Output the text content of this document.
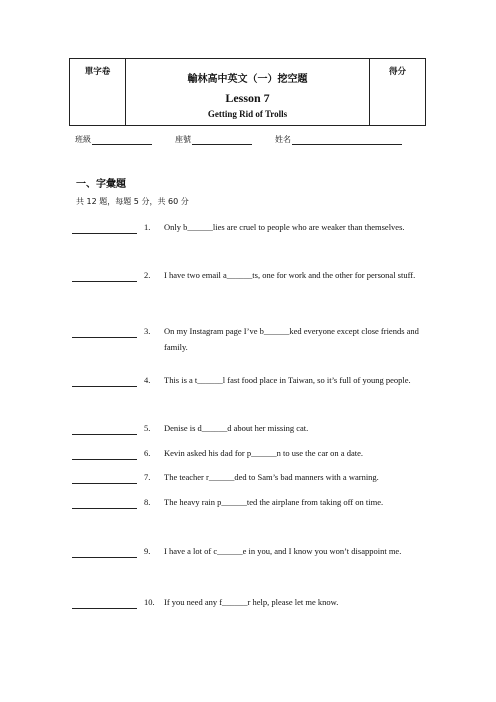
單字卷
輸林高中英文（一）挖空題
Lesson 7
Getting Rid of Trolls
得分
班級	座號	姓名
一、字彙題
共 12 題，每題 5 分，共 60 分
1. Only b______lies are cruel to people who are weaker than themselves.
2. I have two email a______ts, one for work and the other for personal stuff.
3. On my Instagram page I’ve b______ked everyone except close friends and family.
4. This is a t______l fast food place in Taiwan, so it’s full of young people.
5. Denise is d______d about her missing cat.
6. Kevin asked his dad for p______n to use the car on a date.
7. The teacher r______ded to Sam’s bad manners with a warning.
8. The heavy rain p______ted the airplane from taking off on time.
9. I have a lot of c______e in you, and I know you won’t disappoint me.
10. If you need any f______r help, please let me know.
